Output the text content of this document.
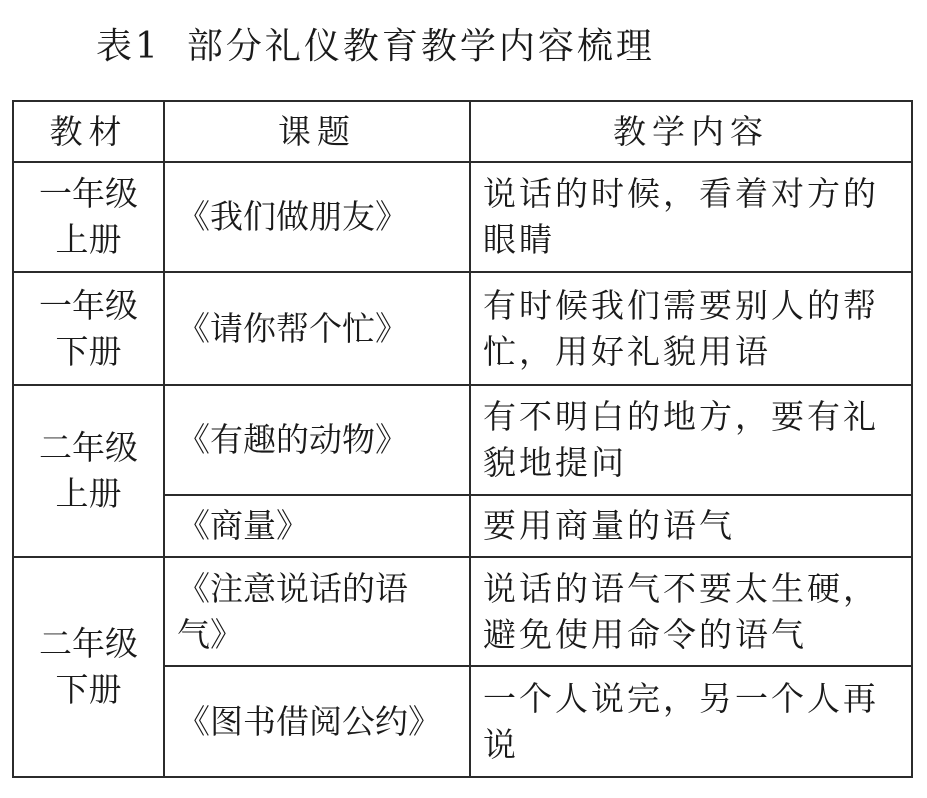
表1 部分礼仪教育教学内容梳理
教材	课题	教学内容

一年级
上册	《我们做朋友》	说话的时候，看着对方的眼睛

一年级
下册	《请你帮个忙》	有时候我们需要别人的帮忙，用好礼貌用语

二年级
上册	《有趣的动物》	有不明白的地方，要有礼貌地提问
	《商量》	要用商量的语气

二年级
下册	《注意说话的语气》	说话的语气不要太生硬，避免使用命令的语气
	《图书借阅公约》	一个人说完，另一个人再说
